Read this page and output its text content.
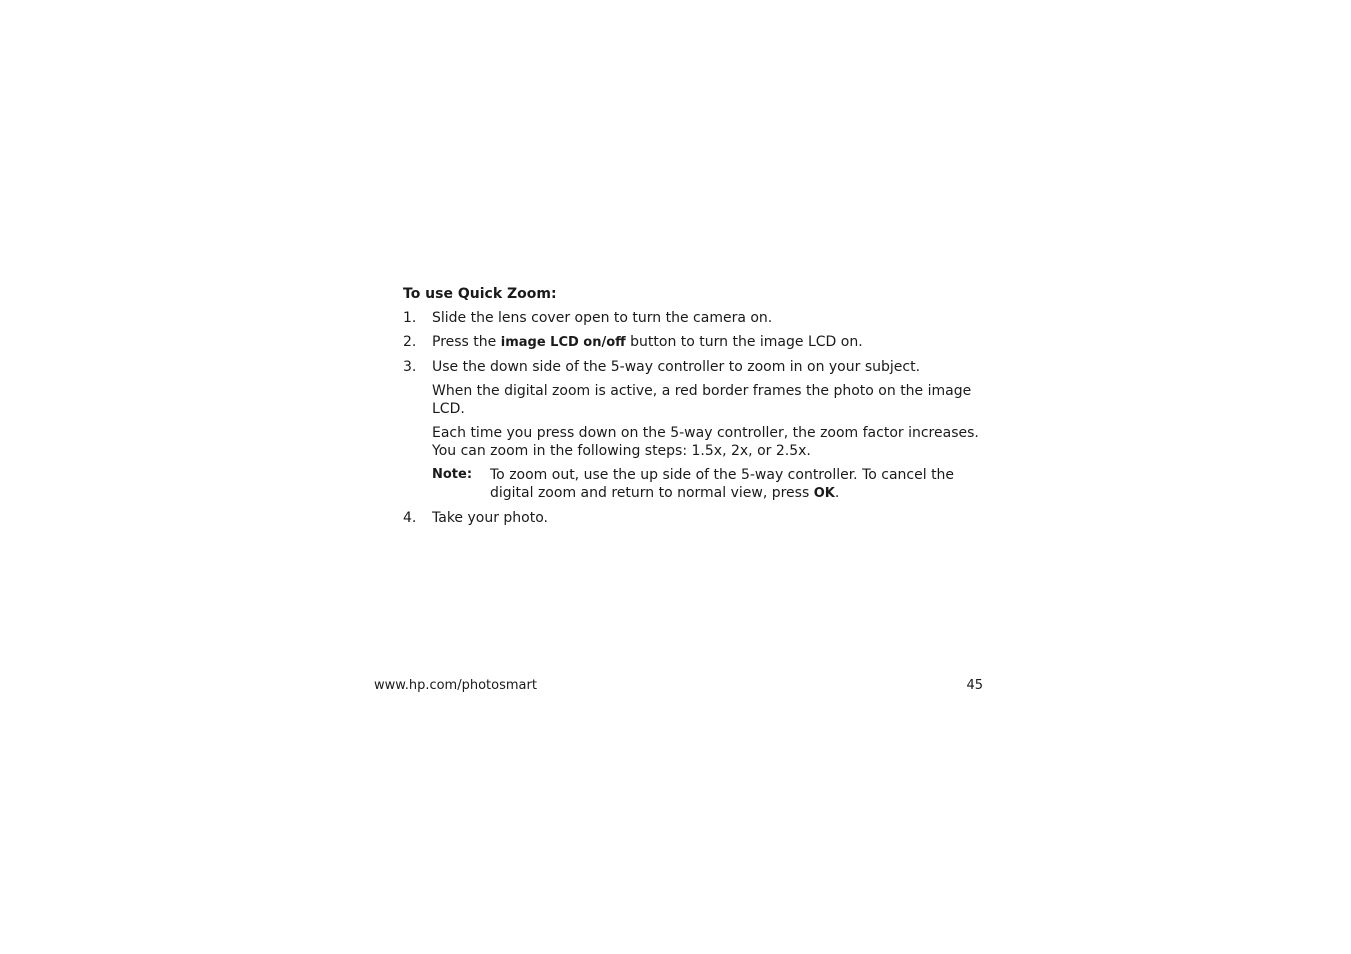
To use Quick Zoom:
1. Slide the lens cover open to turn the camera on.
2. Press the image LCD on/off button to turn the image LCD on.
3. Use the down side of the 5-way controller to zoom in on your subject.
When the digital zoom is active, a red border frames the photo on the image LCD.
Each time you press down on the 5-way controller, the zoom factor increases. You can zoom in the following steps: 1.5x, 2x, or 2.5x.
Note: To zoom out, use the up side of the 5-way controller. To cancel the digital zoom and return to normal view, press OK.
4. Take your photo.
www.hp.com/photosmart	45
